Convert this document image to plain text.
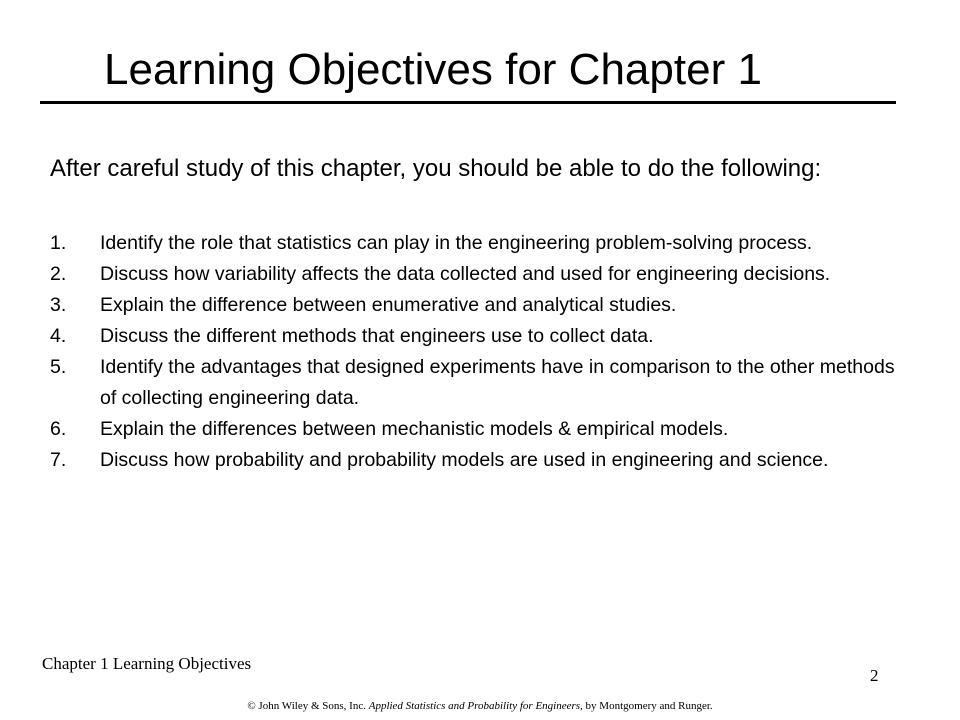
Learning Objectives for Chapter 1
After careful study of this chapter, you should be able to do the following:
1. Identify the role that statistics can play in the engineering problem-solving process.
2. Discuss how variability affects the data collected and used for engineering decisions.
3. Explain the difference between enumerative and analytical studies.
4. Discuss the different methods that engineers use to collect data.
5. Identify the advantages that designed experiments have in comparison to the other methods of collecting engineering data.
6. Explain the differences between mechanistic models & empirical models.
7. Discuss how probability and probability models are used in engineering and science.
Chapter 1 Learning Objectives
2
© John Wiley & Sons, Inc. Applied Statistics and Probability for Engineers, by Montgomery and Runger.
